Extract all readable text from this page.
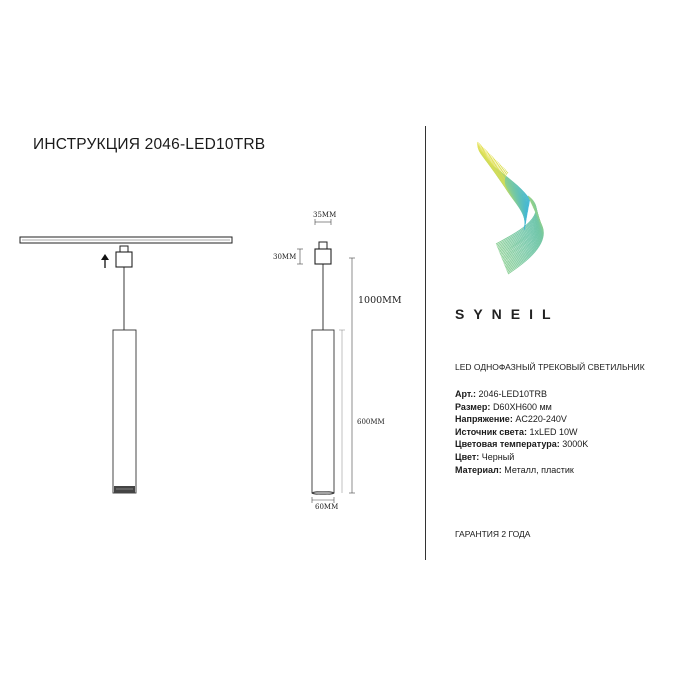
ИНСТРУКЦИЯ 2046-LED10TRB
35MM
30MM
1000MM
600MM
60MM
SYNEIL
LED ОДНОФАЗНЫЙ ТРЕКОВЫЙ СВЕТИЛЬНИК
Арт.: 2046-LED10TRB
Размер: D60XH600 мм
Напряжение: AC220-240V
Источник света: 1xLED 10W
Цветовая температура: 3000K
Цвет: Черный
Материал: Металл, пластик
ГАРАНТИЯ 2 ГОДА
